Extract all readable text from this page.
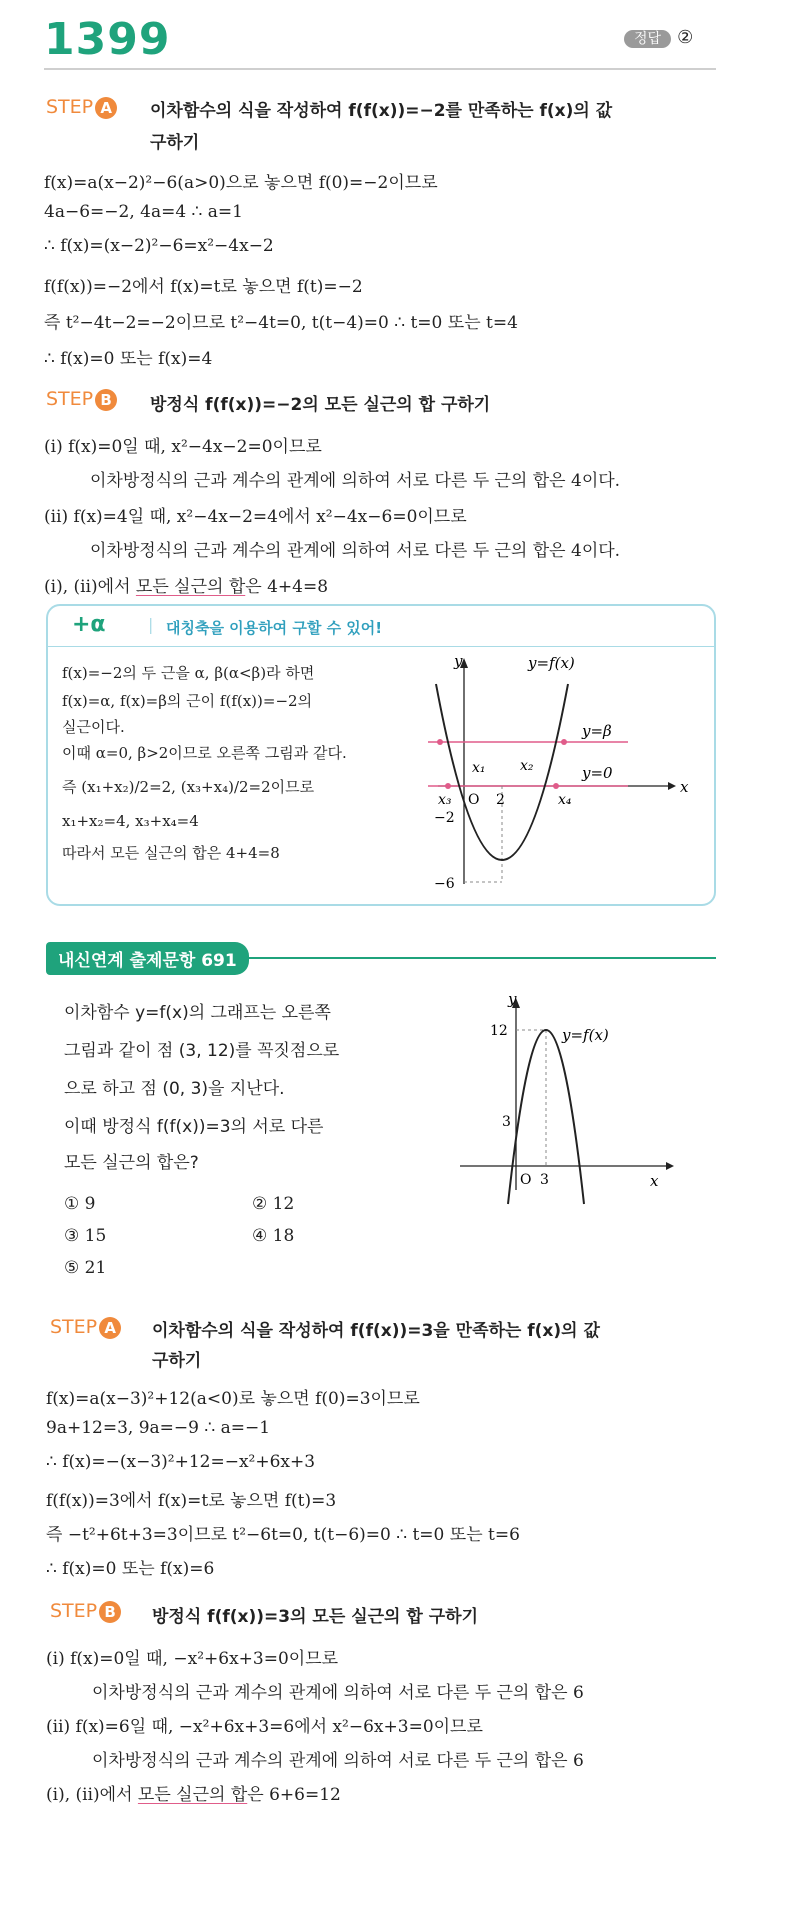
1399	정답 ②
STEP A	이차함수의 식을 작성하여 f(f(x))=−2를 만족하는 f(x)의 값
구하기
f(x)=a(x−2)²−6(a>0)으로 놓으면 f(0)=−2이므로
4a−6=−2, 4a=4 ∴ a=1
∴ f(x)=(x−2)²−6=x²−4x−2
f(f(x))=−2에서 f(x)=t로 놓으면 f(t)=−2
즉 t²−4t−2=−2이므로 t²−4t=0, t(t−4)=0 ∴ t=0 또는 t=4
∴ f(x)=0 또는 f(x)=4
STEP B	방정식 f(f(x))=−2의 모든 실근의 합 구하기
(ⅰ) f(x)=0일 때, x²−4x−2=0이므로
이차방정식의 근과 계수의 관계에 의하여 서로 다른 두 근의 합은 4이다.
(ⅱ) f(x)=4일 때, x²−4x−2=4에서 x²−4x−6=0이므로
이차방정식의 근과 계수의 관계에 의하여 서로 다른 두 근의 합은 4이다.
(ⅰ), (ⅱ)에서 모든 실근의 합은 4+4=8
+α	| 대칭축을 이용하여 구할 수 있어!
f(x)=−2의 두 근을 α, β(α<β)라 하면
f(x)=α, f(x)=β의 근이 f(f(x))=−2의
실근이다.
이때 α=0, β>2이므로 오른쪽 그림과 같다.
즉 (x₁+x₂)/2=2, (x₃+x₄)/2=2이므로
x₁+x₂=4, x₃+x₄=4
따라서 모든 실근의 합은 4+4=8
y
x
O
y=f(x)
y=β
y=0
x₁ x₂
x₃	x₄
2
−2
−6
내신연계 출제문항 691
이차함수 y=f(x)의 그래프는 오른쪽
그림과 같이 점 (3, 12)를 꼭짓점으로
으로 하고 점 (0, 3)을 지난다.
이때 방정식 f(f(x))=3의 서로 다른
모든 실근의 합은?
① 9	② 12
③ 15	④ 18
⑤ 21
y
x
O 3
12
3
y=f(x)
STEP A	이차함수의 식을 작성하여 f(f(x))=3을 만족하는 f(x)의 값
구하기
f(x)=a(x−3)²+12(a<0)로 놓으면 f(0)=3이므로
9a+12=3, 9a=−9 ∴ a=−1
∴ f(x)=−(x−3)²+12=−x²+6x+3
f(f(x))=3에서 f(x)=t로 놓으면 f(t)=3
즉 −t²+6t+3=3이므로 t²−6t=0, t(t−6)=0 ∴ t=0 또는 t=6
∴ f(x)=0 또는 f(x)=6
STEP B	방정식 f(f(x))=3의 모든 실근의 합 구하기
(ⅰ) f(x)=0일 때, −x²+6x+3=0이므로
이차방정식의 근과 계수의 관계에 의하여 서로 다른 두 근의 합은 6
(ⅱ) f(x)=6일 때, −x²+6x+3=6에서 x²−6x+3=0이므로
이차방정식의 근과 계수의 관계에 의하여 서로 다른 두 근의 합은 6
(ⅰ), (ⅱ)에서 모든 실근의 합은 6+6=12
